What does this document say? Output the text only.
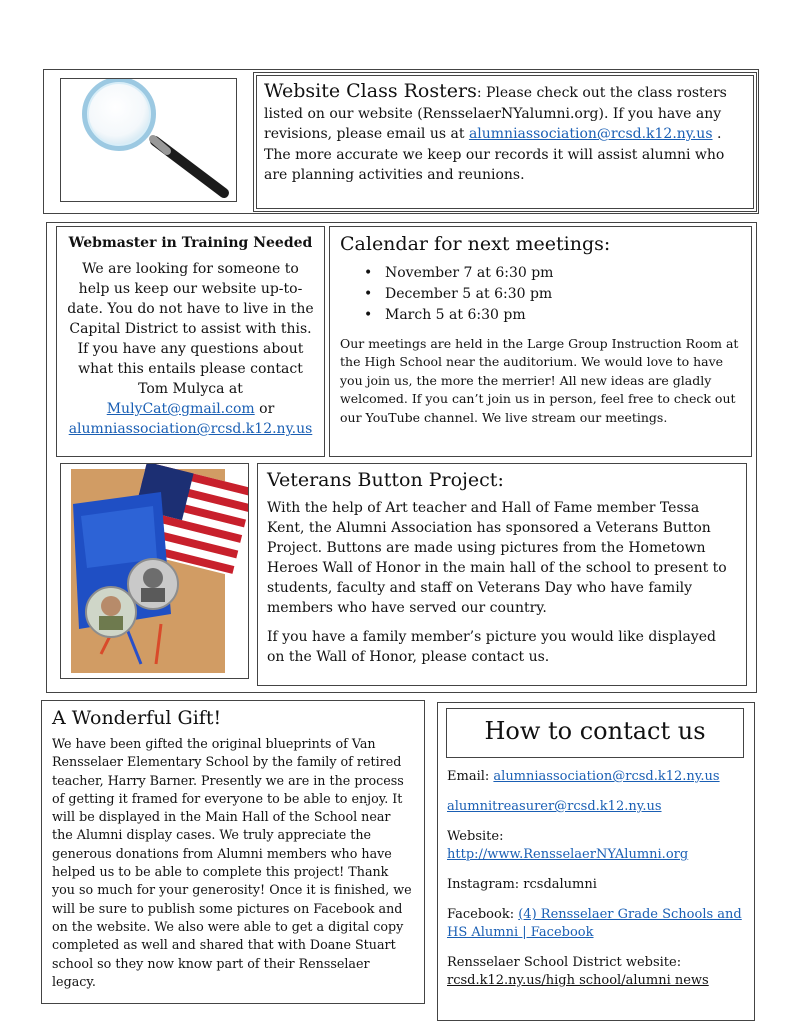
Website Class Rosters: Please check out the class rosters listed on our website (RensselaerNYalumni.org). If you have any revisions, please email us at alumniassociation@rcsd.k12.ny.us . The more accurate we keep our records it will assist alumni who are planning activities and reunions.

Webmaster in Training Needed

We are looking for someone to help us keep our website up-to-date. You do not have to live in the Capital District to assist with this. If you have any questions about what this entails please contact Tom Mulyca at MulyCat@gmail.com or alumniassociation@rcsd.k12.ny.us

Calendar for next meetings:
• November 7 at 6:30 pm
• December 5 at 6:30 pm
• March 5 at 6:30 pm

Our meetings are held in the Large Group Instruction Room at the High School near the auditorium. We would love to have you join us, the more the merrier! All new ideas are gladly welcomed. If you can’t join us in person, feel free to check out our YouTube channel. We live stream our meetings.

Veterans Button Project:

With the help of Art teacher and Hall of Fame member Tessa Kent, the Alumni Association has sponsored a Veterans Button Project. Buttons are made using pictures from the Hometown Heroes Wall of Honor in the main hall of the school to present to students, faculty and staff on Veterans Day who have family members who have served our country.

If you have a family member’s picture you would like displayed on the Wall of Honor, please contact us.

A Wonderful Gift!

We have been gifted the original blueprints of Van Rensselaer Elementary School by the family of retired teacher, Harry Barner. Presently we are in the process of getting it framed for everyone to be able to enjoy. It will be displayed in the Main Hall of the School near the Alumni display cases. We truly appreciate the generous donations from Alumni members who have helped us to be able to complete this project! Thank you so much for your generosity! Once it is finished, we will be sure to publish some pictures on Facebook and on the website. We also were able to get a digital copy completed as well and shared that with Doane Stuart school so they now know part of their Rensselaer legacy.

How to contact us
Email: alumniassociation@rcsd.k12.ny.us
alumnitreasurer@rcsd.k12.ny.us
Website:
http://www.RensselaerNYAlumni.org
Instagram: rcsdalumni
Facebook: (4) Rensselaer Grade Schools and HS Alumni | Facebook
Rensselaer School District website:
rcsd.k12.ny.us/high school/alumni news
